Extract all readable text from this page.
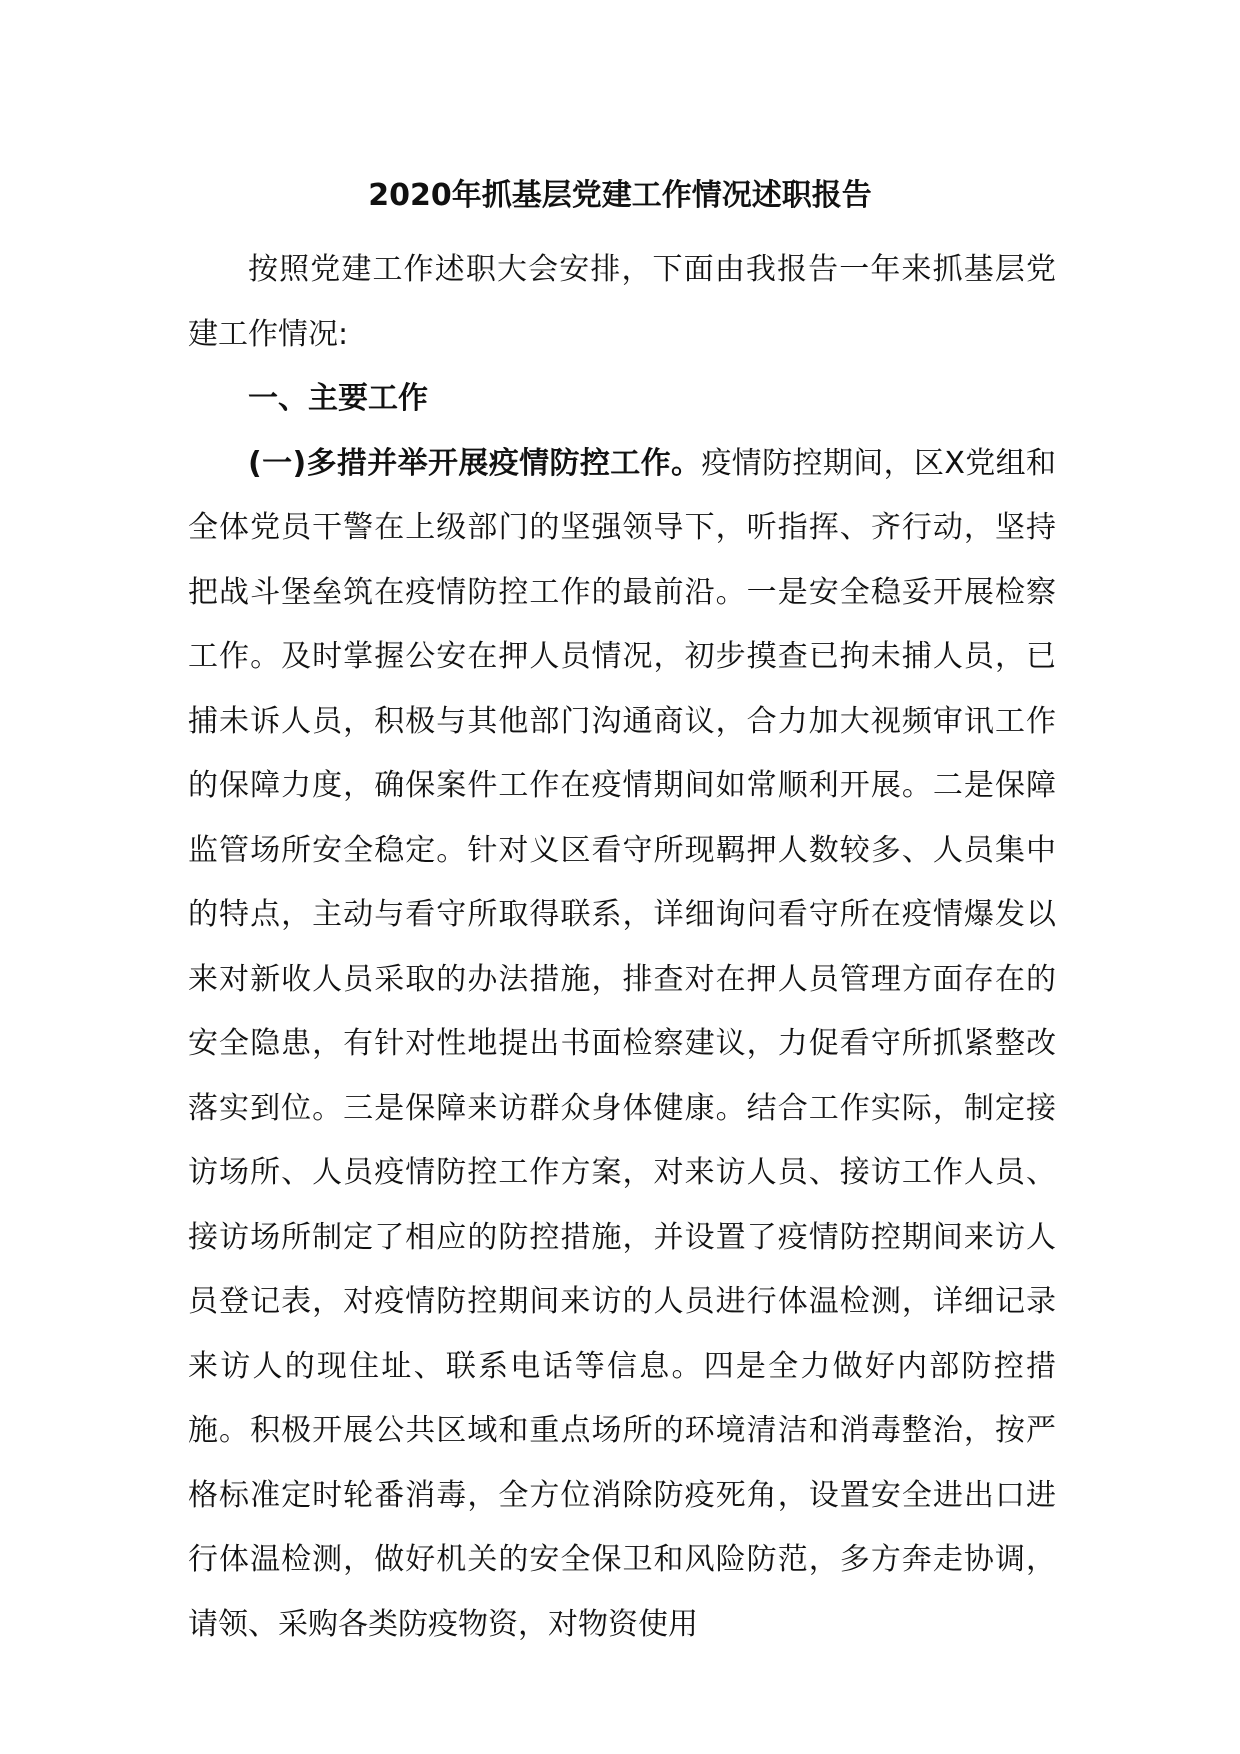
2020年抓基层党建工作情况述职报告

按照党建工作述职大会安排，下面由我报告一年来抓基层党建工作情况:

一、主要工作

(一)多措并举开展疫情防控工作。疫情防控期间，区X党组和全体党员干警在上级部门的坚强领导下，听指挥、齐行动，坚持把战斗堡垒筑在疫情防控工作的最前沿。一是安全稳妥开展检察工作。及时掌握公安在押人员情况，初步摸查已拘未捕人员，已捕未诉人员，积极与其他部门沟通商议，合力加大视频审讯工作的保障力度，确保案件工作在疫情期间如常顺利开展。二是保障监管场所安全稳定。针对义区看守所现羁押人数较多、人员集中的特点，主动与看守所取得联系，详细询问看守所在疫情爆发以来对新收人员采取的办法措施，排查对在押人员管理方面存在的安全隐患，有针对性地提出书面检察建议，力促看守所抓紧整改落实到位。三是保障来访群众身体健康。结合工作实际，制定接访场所、人员疫情防控工作方案，对来访人员、接访工作人员、接访场所制定了相应的防控措施，并设置了疫情防控期间来访人员登记表，对疫情防控期间来访的人员进行体温检测，详细记录来访人的现住址、联系电话等信息。四是全力做好内部防控措施。积极开展公共区域和重点场所的环境清洁和消毒整治，按严格标准定时轮番消毒，全方位消除防疫死角，设置安全进出口进行体温检测，做好机关的安全保卫和风险防范，多方奔走协调，请领、采购各类防疫物资，对物资使用
